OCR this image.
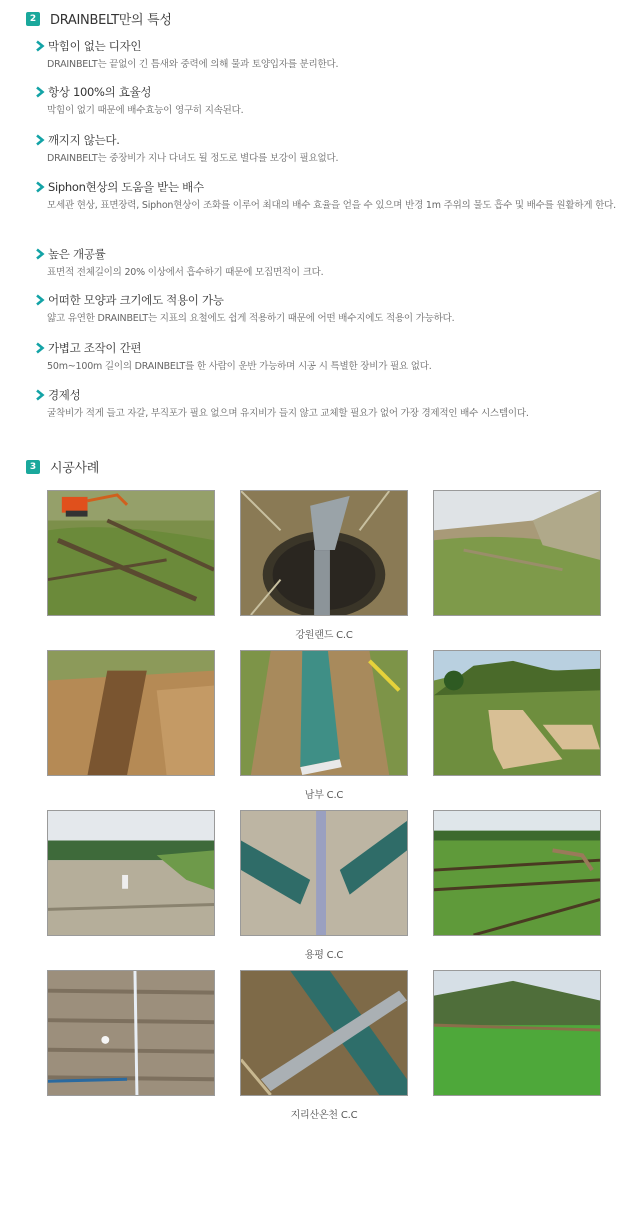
2 DRAINBELT만의 특성
막힘이 없는 디자인
DRAINBELT는 끝없이 긴 틈새와 중력에 의해 물과 토양입자를 분리한다.
항상 100%의 효율성
막힘이 없기 때문에 배수효능이 영구히 지속된다.
깨지지 않는다.
DRAINBELT는 중장비가 지나 다녀도 될 정도로 별다를 보강이 필요없다.
Siphon현상의 도움을 받는 배수
모세관 현상, 표면장력, Siphon현상이 조화를 이루어 최대의 배수 효율을 얻을 수 있으며 반경 1m 주위의 물도 흡수 및 배수를 원활하게 한다.
높은 개공률
표면적 전체길이의 20% 이상에서 흡수하기 때문에 모집면적이 크다.
어떠한 모양과 크기에도 적용이 가능
얇고 유연한 DRAINBELT는 지표의 요철에도 쉽게 적용하기 때문에 어떤 배수지에도 적용이 가능하다.
가볍고 조작이 간편
50m~100m 길이의 DRAINBELT를 한 사람이 운반 가능하며 시공 시 특별한 장비가 필요 없다.
경제성
굴착비가 적게 들고 자갈, 부직포가 필요 없으며 유지비가 들지 않고 교체할 필요가 없어 가장 경제적인 배수 시스템이다.
3 시공사례
강원랜드 C.C
남부 C.C
용평 C.C
지리산온천 C.C
